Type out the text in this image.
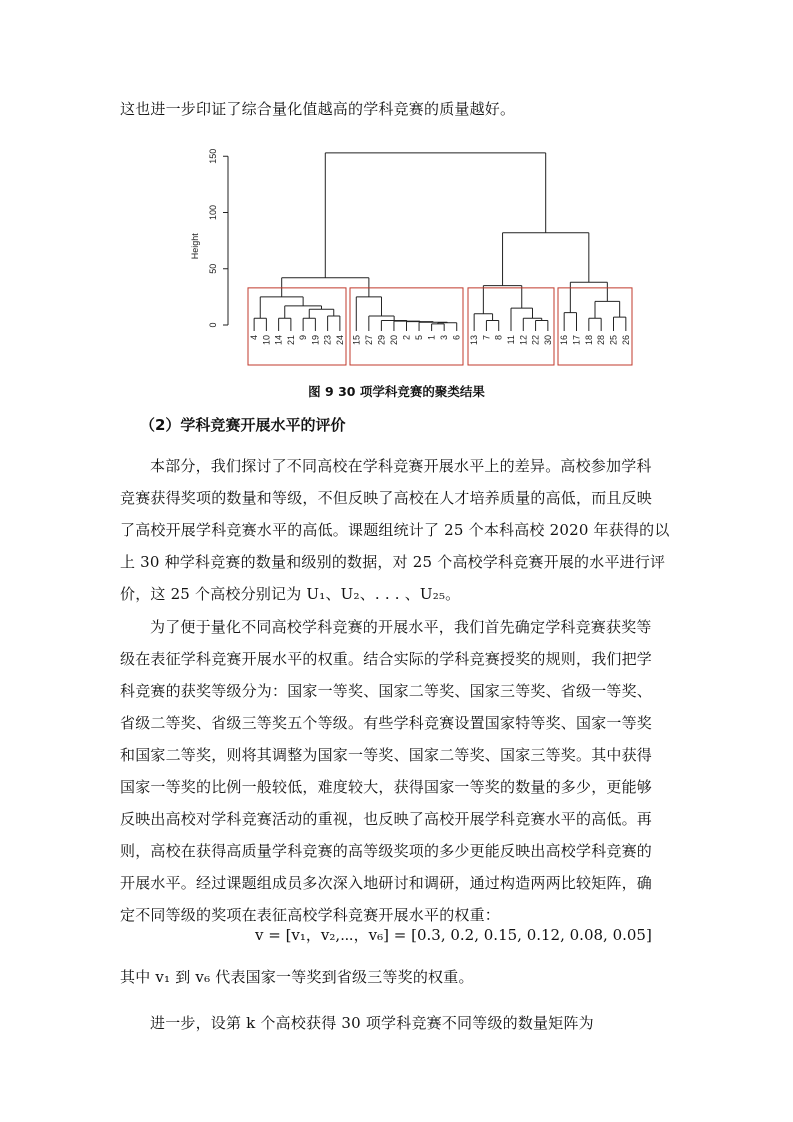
这也进一步印证了综合量化值越高的学科竞赛的质量越好。
0
50
100
150
Height
4 10 14 21 9 19 23 24 15 27 29 20 2 5 1 3 6 13 7 8 11 12 22 30 16 17 18 28 25 26
图 9 30 项学科竞赛的聚类结果
（2）学科竞赛开展水平的评价
本部分，我们探讨了不同高校在学科竞赛开展水平上的差异。高校参加学科
竞赛获得奖项的数量和等级，不但反映了高校在人才培养质量的高低，而且反映
了高校开展学科竞赛水平的高低。课题组统计了 25 个本科高校 2020 年获得的以
上 30 种学科竞赛的数量和级别的数据，对 25 个高校学科竞赛开展的水平进行评
价，这 25 个高校分别记为 U₁、U₂、. . . 、U₂₅。
为了便于量化不同高校学科竞赛的开展水平，我们首先确定学科竞赛获奖等
级在表征学科竞赛开展水平的权重。结合实际的学科竞赛授奖的规则，我们把学
科竞赛的获奖等级分为：国家一等奖、国家二等奖、国家三等奖、省级一等奖、
省级二等奖、省级三等奖五个等级。有些学科竞赛设置国家特等奖、国家一等奖
和国家二等奖，则将其调整为国家一等奖、国家二等奖、国家三等奖。其中获得
国家一等奖的比例一般较低，难度较大，获得国家一等奖的数量的多少，更能够
反映出高校对学科竞赛活动的重视，也反映了高校开展学科竞赛水平的高低。再
则，高校在获得高质量学科竞赛的高等级奖项的多少更能反映出高校学科竞赛的
开展水平。经过课题组成员多次深入地研讨和调研，通过构造两两比较矩阵，确
定不同等级的奖项在表征高校学科竞赛开展水平的权重：
v = [v₁，v₂,⋯，v₆] = [0.3, 0.2, 0.15, 0.12, 0.08, 0.05]
其中 v₁ 到 v₆ 代表国家一等奖到省级三等奖的权重。
进一步，设第 k 个高校获得 30 项学科竞赛不同等级的数量矩阵为
